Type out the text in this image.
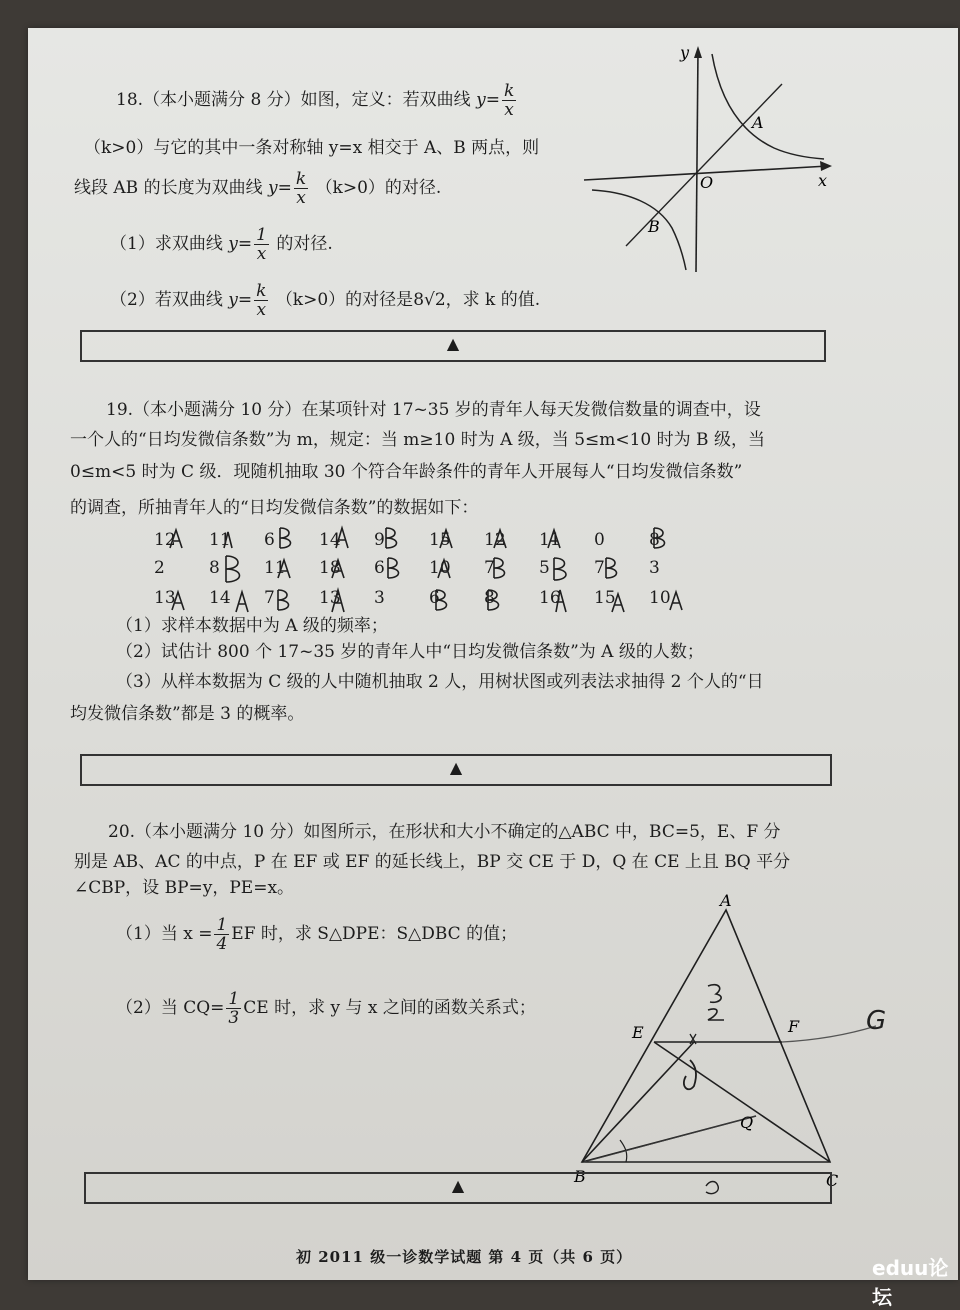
18.（本小题满分 8 分）如图，定义：若双曲线 $y= \frac{k}{x}$
（k>0）与它的其中一条对称轴 y=x 相交于 A、B 两点，则
线段 AB 的长度为双曲线 $y= \frac{k}{x} (k>0)$的对径.
（1）求双曲线 $y= \frac{1}{x}$ 的对径.
（2）若双曲线 $y= \frac{k}{x} (k>0)$的对径是8√2，求 k 的值.
y
x
O
A
B
▲
19.（本小题满分 10 分）在某项针对 17~35 岁的青年人每天发微信数量的调查中，设
一个人的“日均发微信条数”为 m，规定：当 m≥10 时为 A 级，当 5≤m<10 时为 B 级，当
0≤m<5 时为 C 级．现随机抽取 30 个符合年龄条件的青年人开展每人“日均发微信条数”
的调查，所抽青年人的“日均发微信条数”的数据如下：
12 11 6	14 9	15 12 11 0	8
2	8	11 18 6	10 7	5	7	3
13 14 7	13 3	6	8	16 15 10
（1）求样本数据中为 A 级的频率；
（2）试估计 800 个 17~35 岁的青年人中“日均发微信条数”为 A 级的人数；
（3）从样本数据为 C 级的人中随机抽取 2 人，用树状图或列表法求抽得 2 个人的“日
均发微信条数”都是 3 的概率。
▲
20.（本小题满分 10 分）如图所示，在形状和大小不确定的△ABC 中，BC=5，E、F 分
别是 AB、AC 的中点，P 在 EF 或 EF 的延长线上，BP 交 CE 于 D，Q 在 CE 上且 BQ 平分
∠CBP，设 BP=y，PE=x。
（1）当 $x = \frac{1}{4}$ EF 时，求 S△DPE：S△DBC 的值；
（2）当 $CQ= \frac{1}{3}$ CE 时，求 y 与 x 之间的函数关系式；
A
B	C
E	F
Q
G
▲
初 2011 级一诊数学试题 第 4 页（共 6 页）	eduu论坛
